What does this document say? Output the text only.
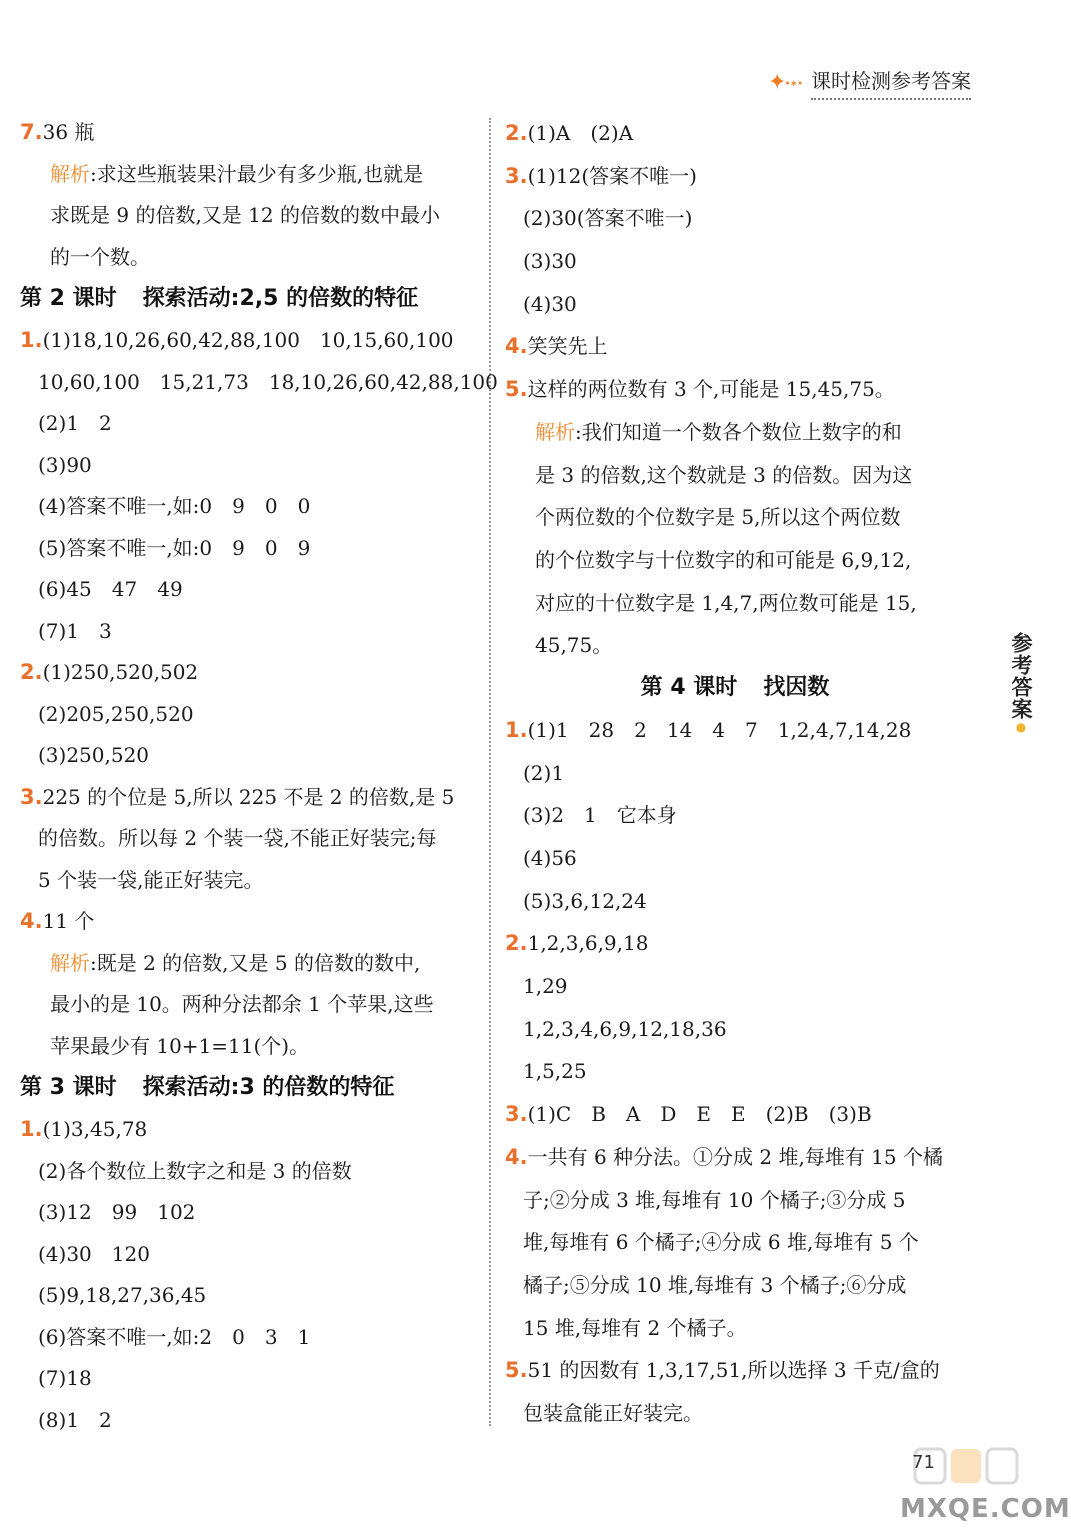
✦• ✶ • 课时检测参考答案
7.36 瓶
解析:求这些瓶装果汁最少有多少瓶,也就是
求既是 9 的倍数,又是 12 的倍数的数中最小
的一个数。
第 2 课时 探索活动:2,5 的倍数的特征
1.(1)18,10,26,60,42,88,100　10,15,60,100
10,60,100　15,21,73　18,10,26,60,42,88,100
(2)1　2
(3)90
(4)答案不唯一,如:0　9　0　0
(5)答案不唯一,如:0　9　0　9
(6)45　47　49
(7)1　3
2.(1)250,520,502
(2)205,250,520
(3)250,520
3.225 的个位是 5,所以 225 不是 2 的倍数,是 5
的倍数。所以每 2 个装一袋,不能正好装完;每
5 个装一袋,能正好装完。
4.11 个
解析:既是 2 的倍数,又是 5 的倍数的数中,
最小的是 10。两种分法都余 1 个苹果,这些
苹果最少有 10+1=11(个)。
第 3 课时 探索活动:3 的倍数的特征
1.(1)3,45,78
(2)各个数位上数字之和是 3 的倍数
(3)12　99　102
(4)30　120
(5)9,18,27,36,45
(6)答案不唯一,如:2　0　3　1
(7)18
(8)1　2
2.(1)A　(2)A
3.(1)12(答案不唯一)
(2)30(答案不唯一)
(3)30
(4)30
4.笑笑先上
5.这样的两位数有 3 个,可能是 15,45,75。
解析:我们知道一个数各个数位上数字的和
是 3 的倍数,这个数就是 3 的倍数。因为这
个两位数的个位数字是 5,所以这个两位数
的个位数字与十位数字的和可能是 6,9,12,
对应的十位数字是 1,4,7,两位数可能是 15,
45,75。
第 4 课时 找因数
1.(1)1　28　2　14　4　7　1,2,4,7,14,28
(2)1
(3)2　1　它本身
(4)56
(5)3,6,12,24
2.1,2,3,6,9,18
1,29
1,2,3,4,6,9,12,18,36
1,5,25
3.(1)C　B　A　D　E　E　(2)B　(3)B
4.一共有 6 种分法。①分成 2 堆,每堆有 15 个橘
子;②分成 3 堆,每堆有 10 个橘子;③分成 5
堆,每堆有 6 个橘子;④分成 6 堆,每堆有 5 个
橘子;⑤分成 10 堆,每堆有 3 个橘子;⑥分成
15 堆,每堆有 2 个橘子。
5.51 的因数有 1,3,17,51,所以选择 3 千克/盒的
包装盒能正好装完。
参考答案●
71
MXQE.COM
